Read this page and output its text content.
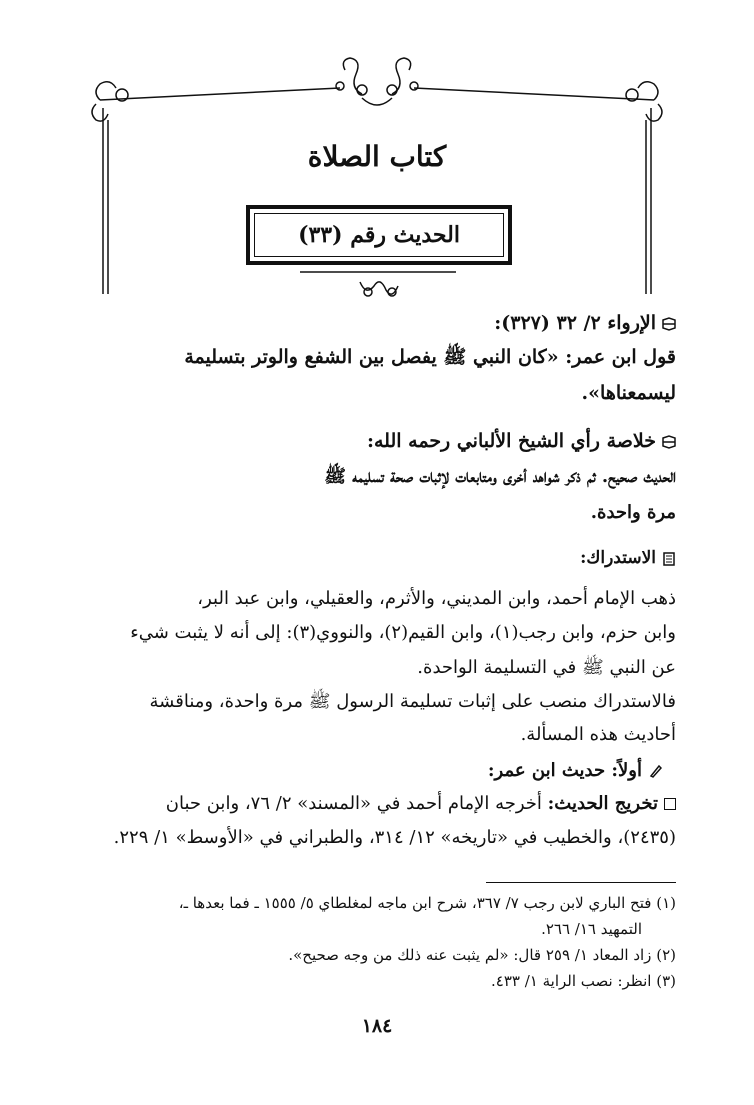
كتاب الصلاة
الحديث رقم (٣٣)
الإرواء ٢/ ٣٢ (٣٢٧):
قول ابن عمر: «كان النبي ﷺ يفصل بين الشفع والوتر بتسليمة
ليسمعناها».
خلاصة رأي الشيخ الألباني رحمه الله:
الحديث صحيح. ثم ذكر شواهد أخرى ومتابعات لإثبات صحة تسليمه ﷺ
مرة واحدة.
الاستدراك:
ذهب الإمام أحمد، وابن المديني، والأثرم، والعقيلي، وابن عبد البر،
وابن حزم، وابن رجب(١)، وابن القيم(٢)، والنووي(٣): إلى أنه لا يثبت شيء
عن النبي ﷺ في التسليمة الواحدة.
فالاستدراك منصب على إثبات تسليمة الرسول ﷺ مرة واحدة، ومناقشة
أحاديث هذه المسألة.
أولاً: حديث ابن عمر:
تخريج الحديث: أخرجه الإمام أحمد في «المسند» ٢/ ٧٦، وابن حبان
(٢٤٣٥)، والخطيب في «تاريخه» ١٢/ ٣١٤، والطبراني في «الأوسط» ١/ ٢٢٩.
(١) فتح الباري لابن رجب ٧/ ٣٦٧، شرح ابن ماجه لمغلطاي ٥/ ١٥٥٥ ـ فما بعدها ـ،
التمهيد ١٦/ ٢٦٦.
(٢) زاد المعاد ١/ ٢٥٩ قال: «لم يثبت عنه ذلك من وجه صحيح».
(٣) انظر: نصب الراية ١/ ٤٣٣.
١٨٤
